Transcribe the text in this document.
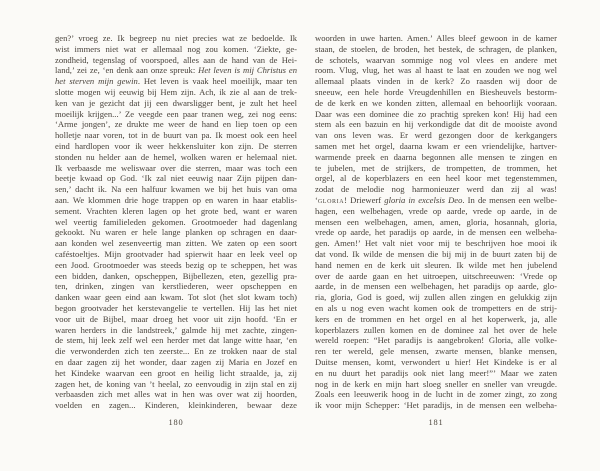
gen?’ vroeg ze. Ik begreep nu niet precies wat ze bedoelde. Ik
wist immers niet wat er allemaal nog zou komen. ‘Ziekte, ge-
zondheid, tegenslag of voorspoed, alles aan de hand van de Hei-
land,’ zei ze, ‘en denk aan onze spreuk: Het leven is mij Christus en
het sterven mijn gewin. Het leven is vaak heel moeilijk, maar ten
slotte mogen wij eeuwig bij Hem zijn. Ach, ik zie al aan de trek-
ken van je gezicht dat jij een dwarsligger bent, je zult het heel
moeilijk krijgen...’ Ze veegde een paar tranen weg, zei nog eens:
‘Arme jongen’, ze drukte me weer de hand en liep toen op een
holletje naar voren, tot in de buurt van pa. Ik moest ook een heel
eind hardlopen voor ik weer hekkensluiter kon zijn. De sterren
stonden nu helder aan de hemel, wolken waren er helemaal niet.
Ik verbaasde me weliswaar over die sterren, maar was toch een
beetje kwaad op God. ‘Ik zal niet eeuwig naar Zijn pijpen dan-
sen,’ dacht ik. Na een halfuur kwamen we bij het huis van oma
aan. We klommen drie hoge trappen op en waren in haar etablis-
sement. Vrachten kleren lagen op het grote bed, want er waren
wel veertig familieleden gekomen. Grootmoeder had dagenlang
gekookt. Nu waren er hele lange planken op schragen en daar-
aan konden wel zesenveertig man zitten. We zaten op een soort
caféstoeltjes. Mijn grootvader had spierwit haar en leek veel op
een Jood. Grootmoeder was steeds bezig op te scheppen, het was
een bidden, danken, opscheppen, Bijbellezen, eten, gezellig pra-
ten, drinken, zingen van kerstliederen, weer opscheppen en
danken waar geen eind aan kwam. Tot slot (het slot kwam toch)
begon grootvader het kerstevangelie te vertellen. Hij las het niet
voor uit de Bijbel, maar droeg het voor uit zijn hoofd. ‘En er
waren herders in die landstreek,’ galmde hij met zachte, zingen-
de stem, hij leek zelf wel een herder met dat lange witte haar, ‘en
die verwonderden zich ten zeerste... En ze trokken naar de stal
en daar zagen zij het wonder, daar zagen zij Maria en Jozef en
het Kindeke waarvan een groot en heilig licht straalde, ja, zij
zagen het, de koning van ’t heelal, zo eenvoudig in zijn stal en zij
verbaasden zich met alles wat in hen was over wat zij hoorden,
voelden en zagen... Kinderen, kleinkinderen, bewaar deze
180
woorden in uwe harten. Amen.’ Alles bleef gewoon in de kamer
staan, de stoelen, de broden, het bestek, de schragen, de planken,
de schotels, waarvan sommige nog vol vlees en andere met
room. Vlug, vlug, het was al haast te laat en zouden we nog wel
allemaal plaats vinden in de kerk? Zo raasden wij door de
sneeuw, een hele horde Vreugdenhillen en Biesheuvels bestorm-
de de kerk en we konden zitten, allemaal en behoorlijk vooraan.
Daar was een dominee die zo prachtig spreken kon! Hij had een
stem als een bazuin en hij verkondigde dat dit de mooiste avond
van ons leven was. Er werd gezongen door de kerkgangers
samen met het orgel, daarna kwam er een vriendelijke, hartver-
warmende preek en daarna begonnen alle mensen te zingen en
te jubelen, met de strijkers, de trompetten, de trommen, het
orgel, al de koperblazers en een heel koor met tegenstemmen,
zodat de melodie nog harmonieuzer werd dan zij al was!
‘gloria! Driewerf gloria in excelsis Deo. In de mensen een welbe-
hagen, een welbehagen, vrede op aarde, vrede op aarde, in de
mensen een welbehagen, amen, amen, gloria, hosannah, gloria,
vrede op aarde, het paradijs op aarde, in de mensen een welbeha-
gen. Amen!’ Het valt niet voor mij te beschrijven hoe mooi ik
dat vond. Ik wilde de mensen die bij mij in de buurt zaten bij de
hand nemen en de kerk uit sleuren. Ik wilde met hen jubelend
over de aarde gaan en het uitroepen, uitschreeuwen: ‘Vrede op
aarde, in de mensen een welbehagen, het paradijs op aarde, glo-
ria, gloria, God is goed, wij zullen allen zingen en gelukkig zijn
en als u nog even wacht komen ook de trompetters en de strij-
kers en de trommen en het orgel en al het koperwerk, ja, alle
koperblazers zullen komen en de dominee zal het over de hele
wereld roepen: “Het paradijs is aangebroken! Gloria, alle volke-
ren ter wereld, gele mensen, zwarte mensen, blanke mensen,
Duitse mensen, komt, verwondert u hier! Het Kindeke is er al
en nu duurt het paradijs ook niet lang meer!”’ Maar we zaten
nog in de kerk en mijn hart sloeg sneller en sneller van vreugde.
Zoals een leeuwerik hoog in de lucht in de zomer zingt, zo zong
ik voor mijn Schepper: ‘Het paradijs, in de mensen een welbeha-
181
